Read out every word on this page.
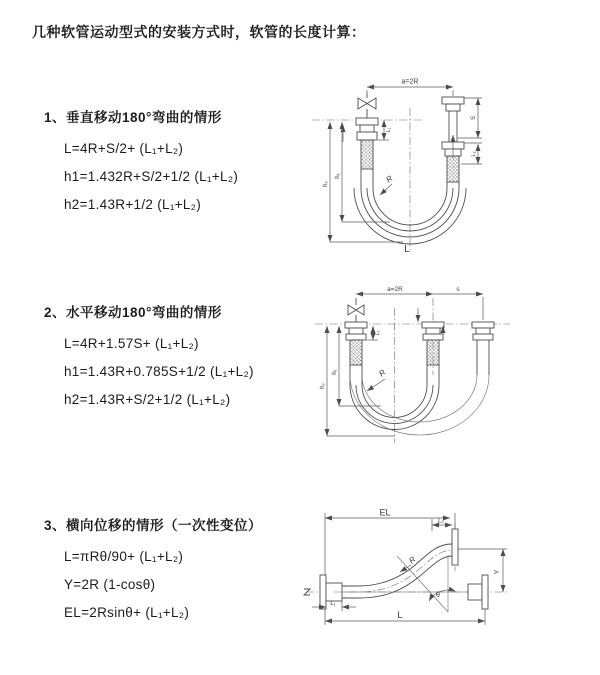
几种软管运动型式的安装方式时，软管的长度计算：
1、垂直移动180°弯曲的情形
L=4R+S/2+ (L₁+L₂)
h1=1.432R+S/2+1/2 (L₁+L₂)
h2=1.43R+1/2 (L₁+L₂)
a=2R
h₂
h₁
L₁
S
L₂
R
L
2、水平移动180°弯曲的情形
L=4R+1.57S+ (L₁+L₂)
h1=1.43R+0.785S+1/2 (L₁+L₂)
h2=1.43R+S/2+1/2 (L₁+L₂)
a=2R	s
h₂
h₁
L₁
R
3、横向位移的情形（一次性变位）
L=πRθ/90+ (L₁+L₂)
Y=2R (1-cosθ)
EL=2Rsinθ+ (L₁+L₂)
EL
L₂
Y
θ
R
L₁
L
